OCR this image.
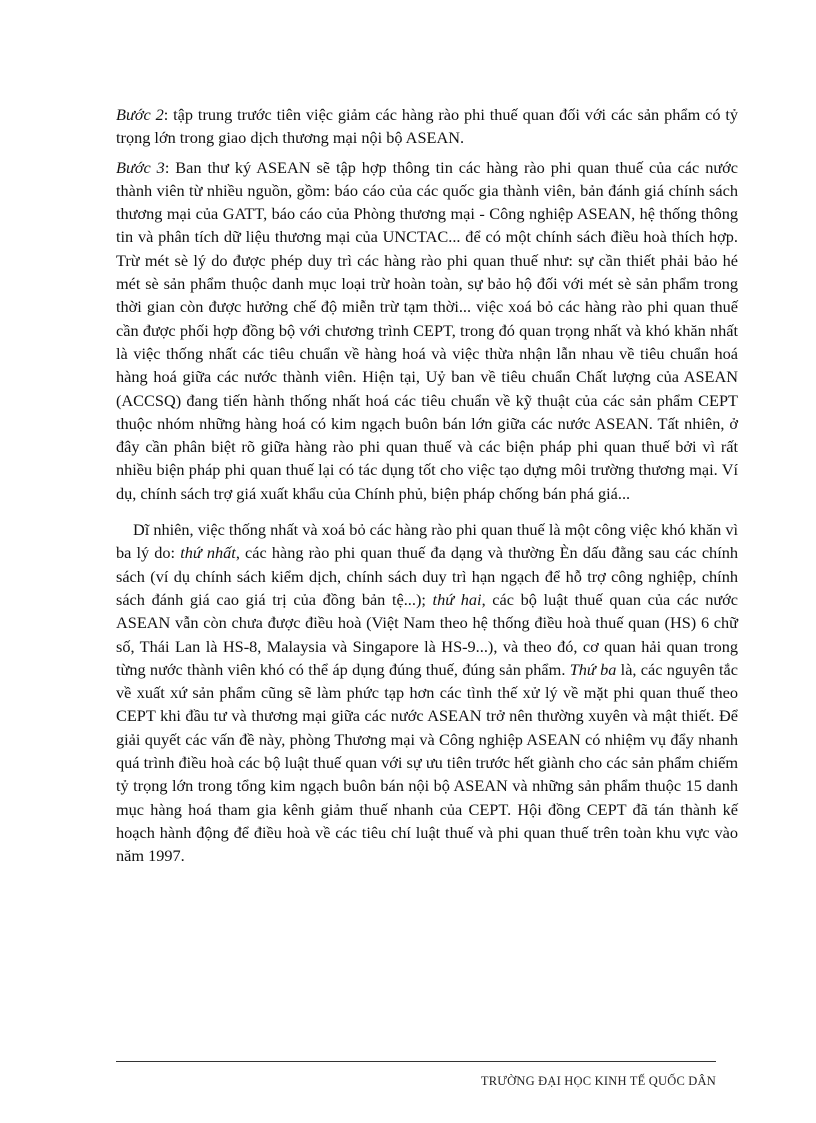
Bước 2: tập trung trước tiên việc giảm các hàng rào phi thuế quan đối với các sản phẩm có tỷ trọng lớn trong giao dịch thương mại nội bộ ASEAN.

Bước 3: Ban thư ký ASEAN sẽ tập hợp thông tin các hàng rào phi quan thuế của các nước thành viên từ nhiều nguồn, gồm: báo cáo của các quốc gia thành viên, bản đánh giá chính sách thương mại của GATT, báo cáo của Phòng thương mại - Công nghiệp ASEAN, hệ thống thông tin và phân tích dữ liệu thương mại của UNCTAC... để có một chính sách điều hoà thích hợp. Trừ mét sè lý do được phép duy trì các hàng rào phi quan thuế như: sự cần thiết phải bảo hé mét sè sản phẩm thuộc danh mục loại trừ hoàn toàn, sự bảo hộ đối với mét sè sản phẩm trong thời gian còn được hưởng chế độ miễn trừ tạm thời... việc xoá bỏ các hàng rào phi quan thuế cần được phối hợp đồng bộ với chương trình CEPT, trong đó quan trọng nhất và khó khăn nhất là việc thống nhất các tiêu chuẩn về hàng hoá và việc thừa nhận lẫn nhau về tiêu chuẩn hoá hàng hoá giữa các nước thành viên. Hiện tại, Uỷ ban về tiêu chuẩn Chất lượng của ASEAN (ACCSQ) đang tiến hành thống nhất hoá các tiêu chuẩn về kỹ thuật của các sản phẩm CEPT thuộc nhóm những hàng hoá có kim ngạch buôn bán lớn giữa các nước ASEAN. Tất nhiên, ở đây cần phân biệt rõ giữa hàng rào phi quan thuế và các biện pháp phi quan thuế bởi vì rất nhiều biện pháp phi quan thuế lại có tác dụng tốt cho việc tạo dựng môi trường thương mại. Ví dụ, chính sách trợ giá xuất khẩu của Chính phủ, biện pháp chống bán phá giá...

Dĩ nhiên, việc thống nhất và xoá bỏ các hàng rào phi quan thuế là một công việc khó khăn vì ba lý do: thứ nhất, các hàng rào phi quan thuế đa dạng và thường Èn dấu đằng sau các chính sách (ví dụ chính sách kiểm dịch, chính sách duy trì hạn ngạch để hỗ trợ công nghiệp, chính sách đánh giá cao giá trị của đồng bản tệ...); thứ hai, các bộ luật thuế quan của các nước ASEAN vẫn còn chưa được điều hoà (Việt Nam theo hệ thống điều hoà thuế quan (HS) 6 chữ số, Thái Lan là HS-8, Malaysia và Singapore là HS-9...), và theo đó, cơ quan hải quan trong từng nước thành viên khó có thể áp dụng đúng thuế, đúng sản phẩm. Thứ ba là, các nguyên tắc về xuất xứ sản phẩm cũng sẽ làm phức tạp hơn các tình thế xử lý về mặt phi quan thuế theo CEPT khi đầu tư và thương mại giữa các nước ASEAN trở nên thường xuyên và mật thiết. Để giải quyết các vấn đề này, phòng Thương mại và Công nghiệp ASEAN có nhiệm vụ đẩy nhanh quá trình điều hoà các bộ luật thuế quan với sự ưu tiên trước hết giành cho các sản phẩm chiếm tỷ trọng lớn trong tổng kim ngạch buôn bán nội bộ ASEAN và những sản phẩm thuộc 15 danh mục hàng hoá tham gia kênh giảm thuế nhanh của CEPT. Hội đồng CEPT đã tán thành kế hoạch hành động để điều hoà về các tiêu chí luật thuế và phi quan thuế trên toàn khu vực vào năm 1997.

TRƯỜNG ĐẠI HỌC KINH TẾ QUỐC DÂN
